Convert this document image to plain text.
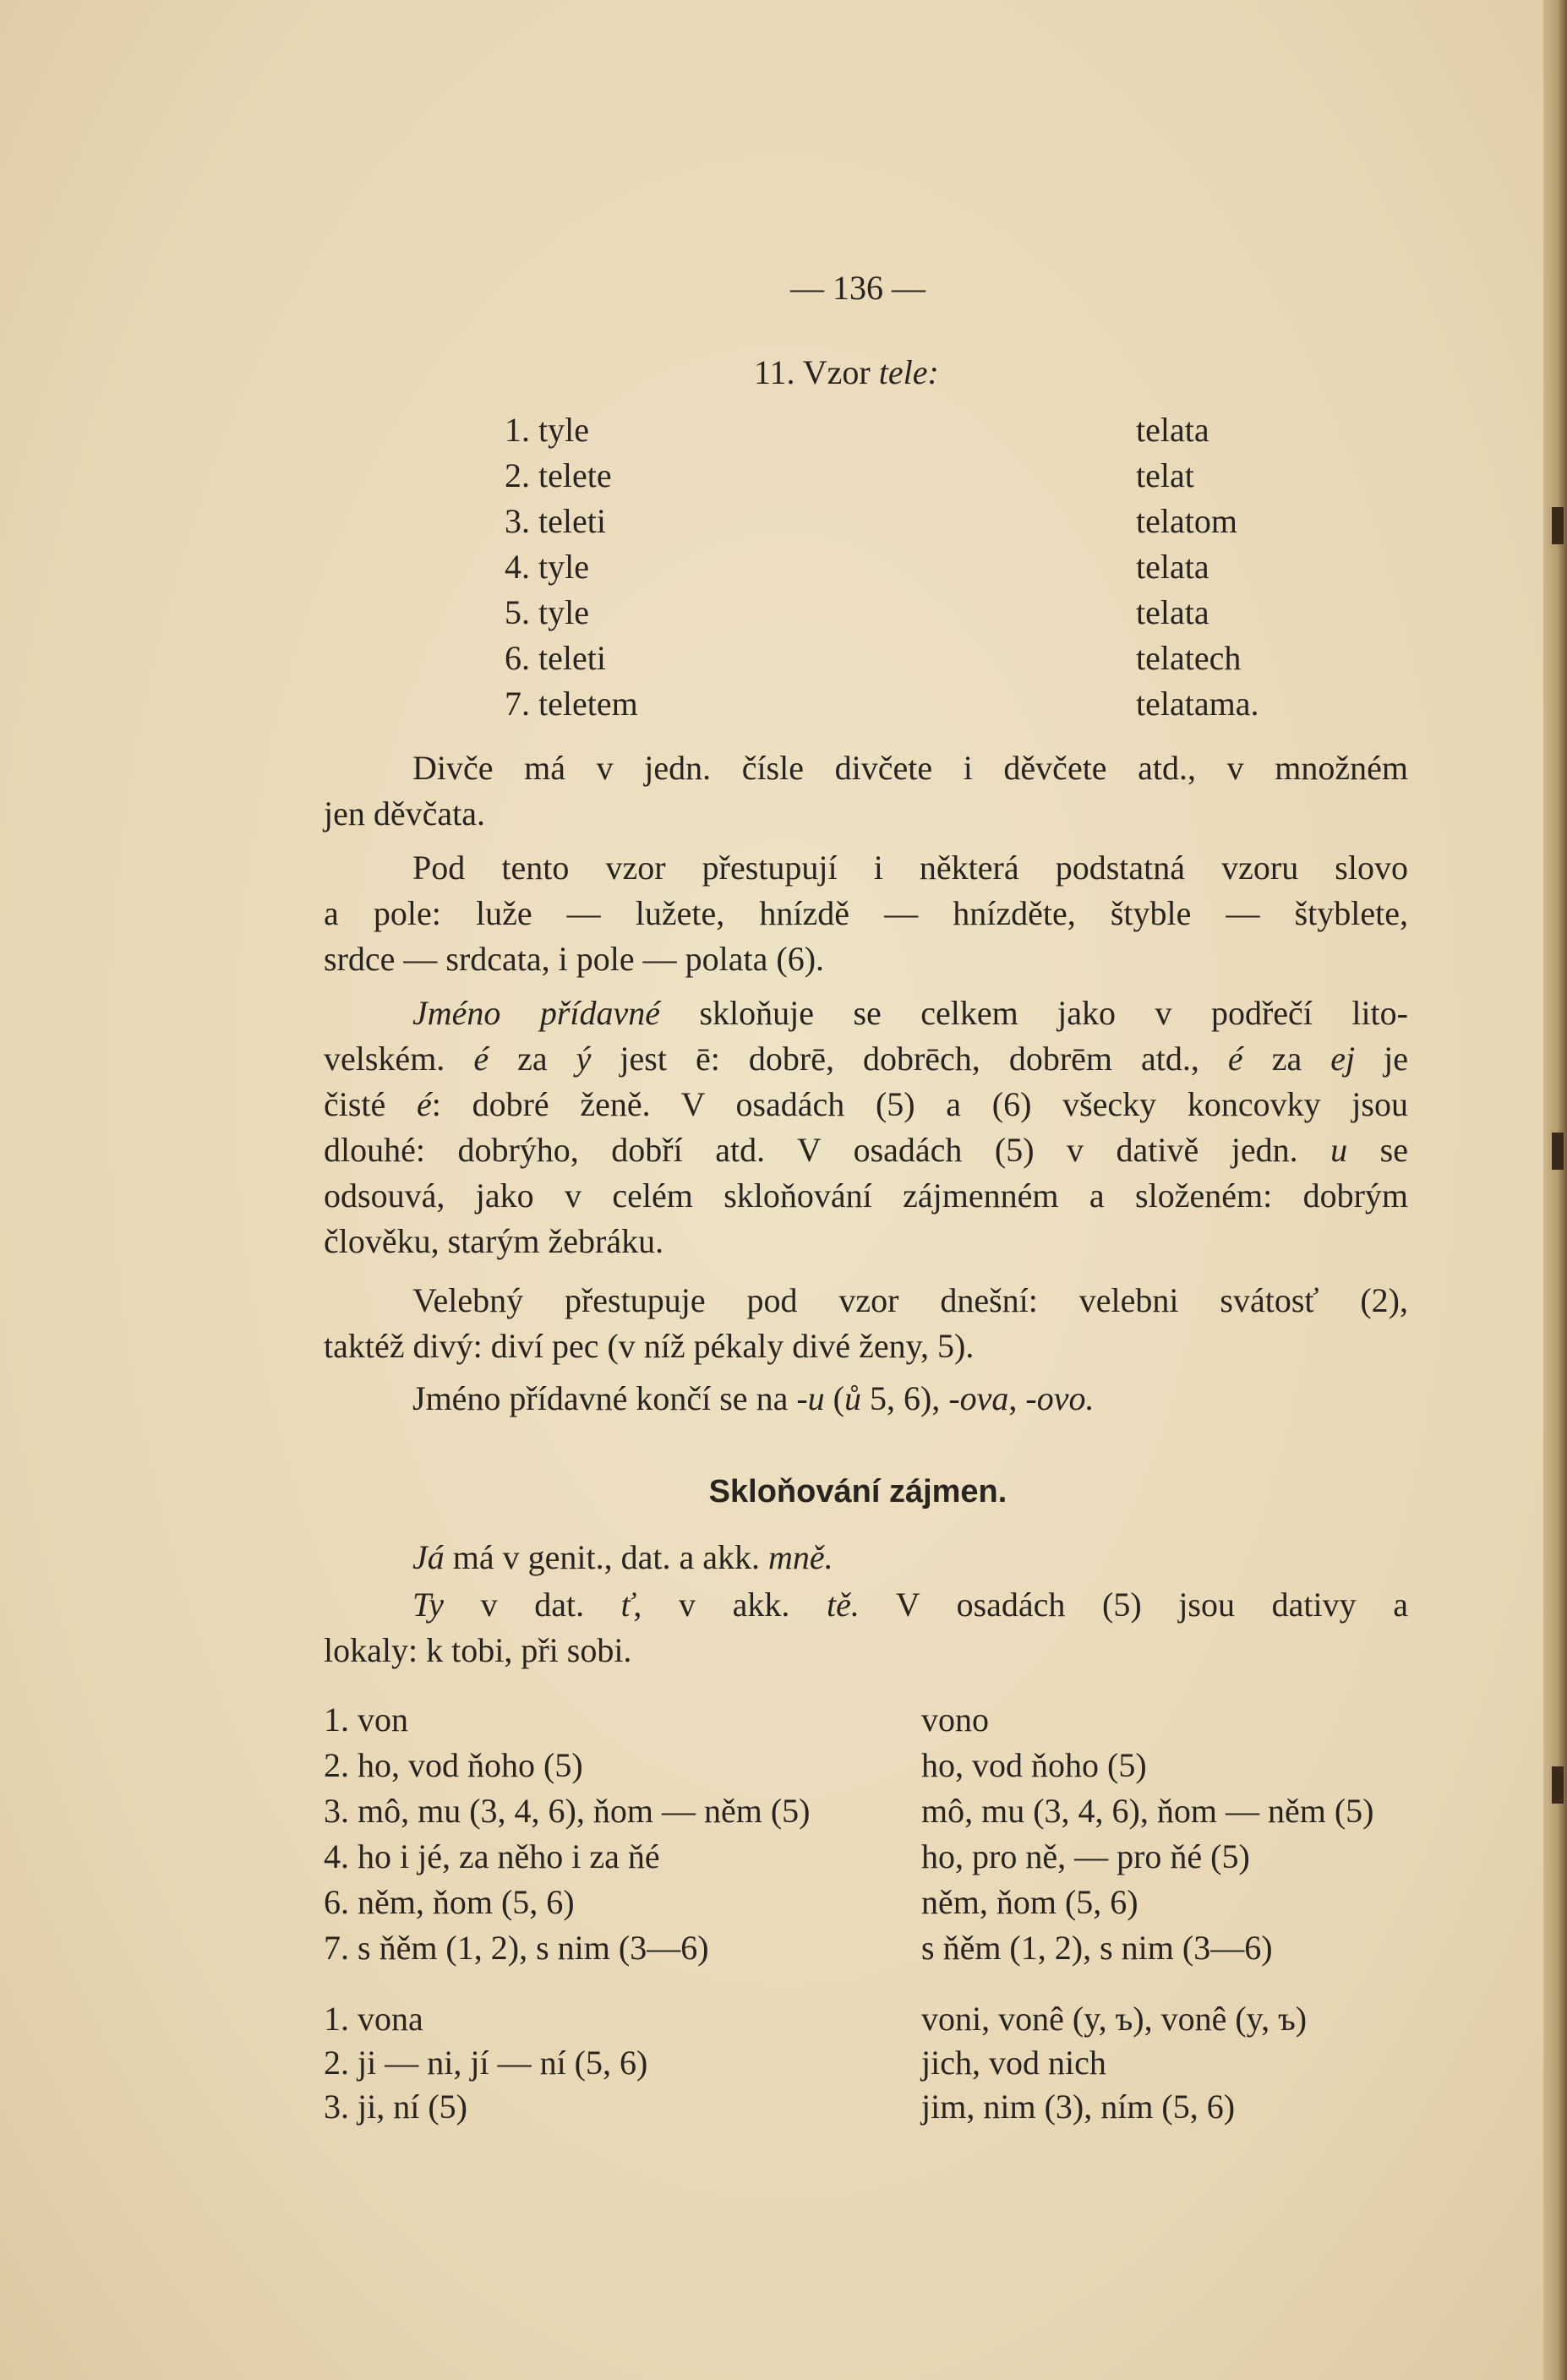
— 136 —
11. Vzor tele:
1. tyle
2. telete
3. teleti
4. tyle
5. tyle
6. teleti
7. teletem
telata
telat
telatom
telata
telata
telatech
telatama.
Divče má v jedn. čísle divčete i děvčete atd., v množném
jen děvčata.
Pod tento vzor přestupují i některá podstatná vzoru slovo
a pole: luže — lužete, hnízdě — hnízděte, štyble — štyblete,
srdce — srdcata, i pole — polata (6).
Jméno přídavné skloňuje se celkem jako v podřečí lito-
velském. é za ý jest ē: dobrē, dobrēch, dobrēm atd., é za ej je
čisté é: dobré ženě. V osadách (5) a (6) všecky koncovky jsou
dlouhé: dobrýho, dobří atd. V osadách (5) v dativě jedn. u se
odsouvá, jako v celém skloňování zájmenném a složeném: dobrým
člověku, starým žebráku.
Velebný přestupuje pod vzor dnešní: velebni svátosť (2),
taktéž divý: diví pec (v níž pékaly divé ženy, 5).
Jméno přídavné končí se na -u (ů 5, 6), -ova, -ovo.
Skloňování zájmen.
Já má v genit., dat. a akk. mně.
Ty v dat. ť, v akk. tě. V osadách (5) jsou dativy a
lokaly: k tobi, při sobi.
1. von
2. ho, vod ňoho (5)
3. mô, mu (3, 4, 6), ňom — něm (5)
4. ho i jé, za něho i za ňé
6. něm, ňom (5, 6)
7. s ňěm (1, 2), s nim (3—6)
vono
ho, vod ňoho (5)
mô, mu (3, 4, 6), ňom — něm (5)
ho, pro ně, — pro ňé (5)
něm, ňom (5, 6)
s ňěm (1, 2), s nim (3—6)
1. vona
2. ji — ni, jí — ní (5, 6)
3. ji, ní (5)
voni, vonê (y, ъ), vonê (y, ъ)
jich, vod nich
jim, nim (3), ním (5, 6)
